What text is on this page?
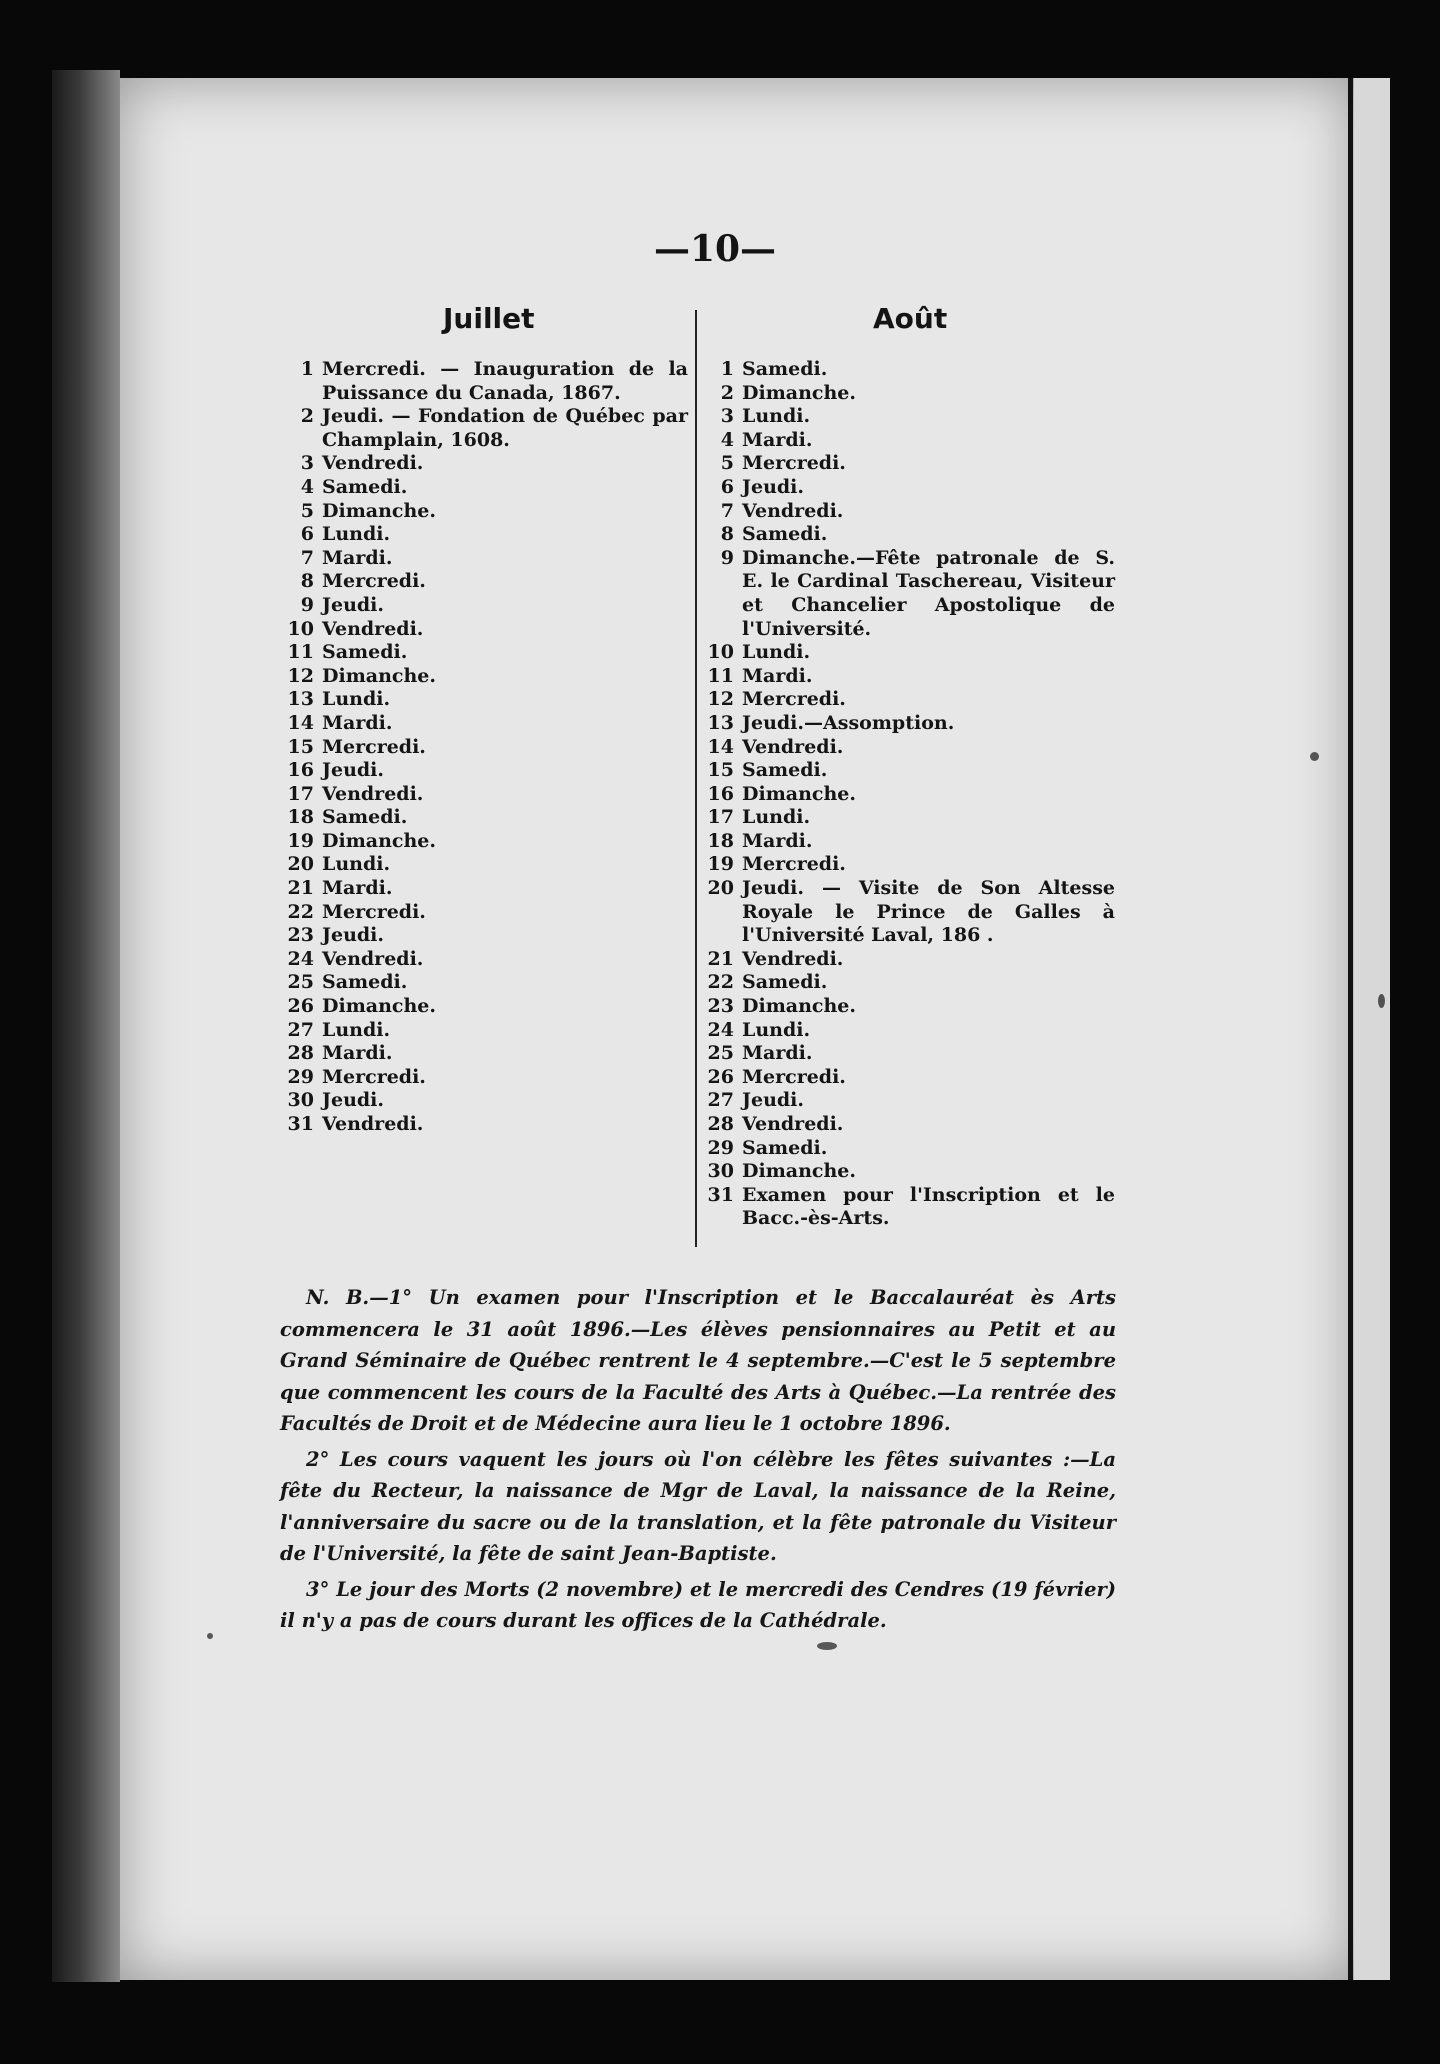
—10—
Juillet	Août
1 Mercredi. — Inauguration de la Puissance du Canada, 1867.
2 Jeudi. — Fondation de Québec par Champlain, 1608.
3 Vendredi.
4 Samedi.
5 Dimanche.
6 Lundi.
7 Mardi.
8 Mercredi.
9 Jeudi.
10 Vendredi.
11 Samedi.
12 Dimanche.
13 Lundi.
14 Mardi.
15 Mercredi.
16 Jeudi.
17 Vendredi.
18 Samedi.
19 Dimanche.
20 Lundi.
21 Mardi.
22 Mercredi.
23 Jeudi.
24 Vendredi.
25 Samedi.
26 Dimanche.
27 Lundi.
28 Mardi.
29 Mercredi.
30 Jeudi.
31 Vendredi.
1 Samedi.
2 Dimanche.
3 Lundi.
4 Mardi.
5 Mercredi.
6 Jeudi.
7 Vendredi.
8 Samedi.
9 Dimanche.—Fête patronale de S. E. le Cardinal Taschereau, Visiteur et Chancelier Apostolique de l'Université.
10 Lundi.
11 Mardi.
12 Mercredi.
13 Jeudi.—Assomption.
14 Vendredi.
15 Samedi.
16 Dimanche.
17 Lundi.
18 Mardi.
19 Mercredi.
20 Jeudi. — Visite de Son Altesse Royale le Prince de Galles à l'Université Laval, 186 .
21 Vendredi.
22 Samedi.
23 Dimanche.
24 Lundi.
25 Mardi.
26 Mercredi.
27 Jeudi.
28 Vendredi.
29 Samedi.
30 Dimanche.
31 Examen pour l'Inscription et le Bacc.-ès-Arts.

N. B.—1° Un examen pour l'Inscription et le Baccalauréat ès Arts commencera le 31 août 1896.—Les élèves pensionnaires au Petit et au Grand Séminaire de Québec rentrent le 4 septembre.—C'est le 5 septembre que commencent les cours de la Faculté des Arts à Québec.—La rentrée des Facultés de Droit et de Médecine aura lieu le 1 octobre 1896.

2° Les cours vaquent les jours où l'on célèbre les fêtes suivantes :—La fête du Recteur, la naissance de Mgr de Laval, la naissance de la Reine, l'anniversaire du sacre ou de la translation, et la fête patronale du Visiteur de l'Université, la fête de saint Jean-Baptiste.

3° Le jour des Morts (2 novembre) et le mercredi des Cendres (19 février) il n'y a pas de cours durant les offices de la Cathédrale.
